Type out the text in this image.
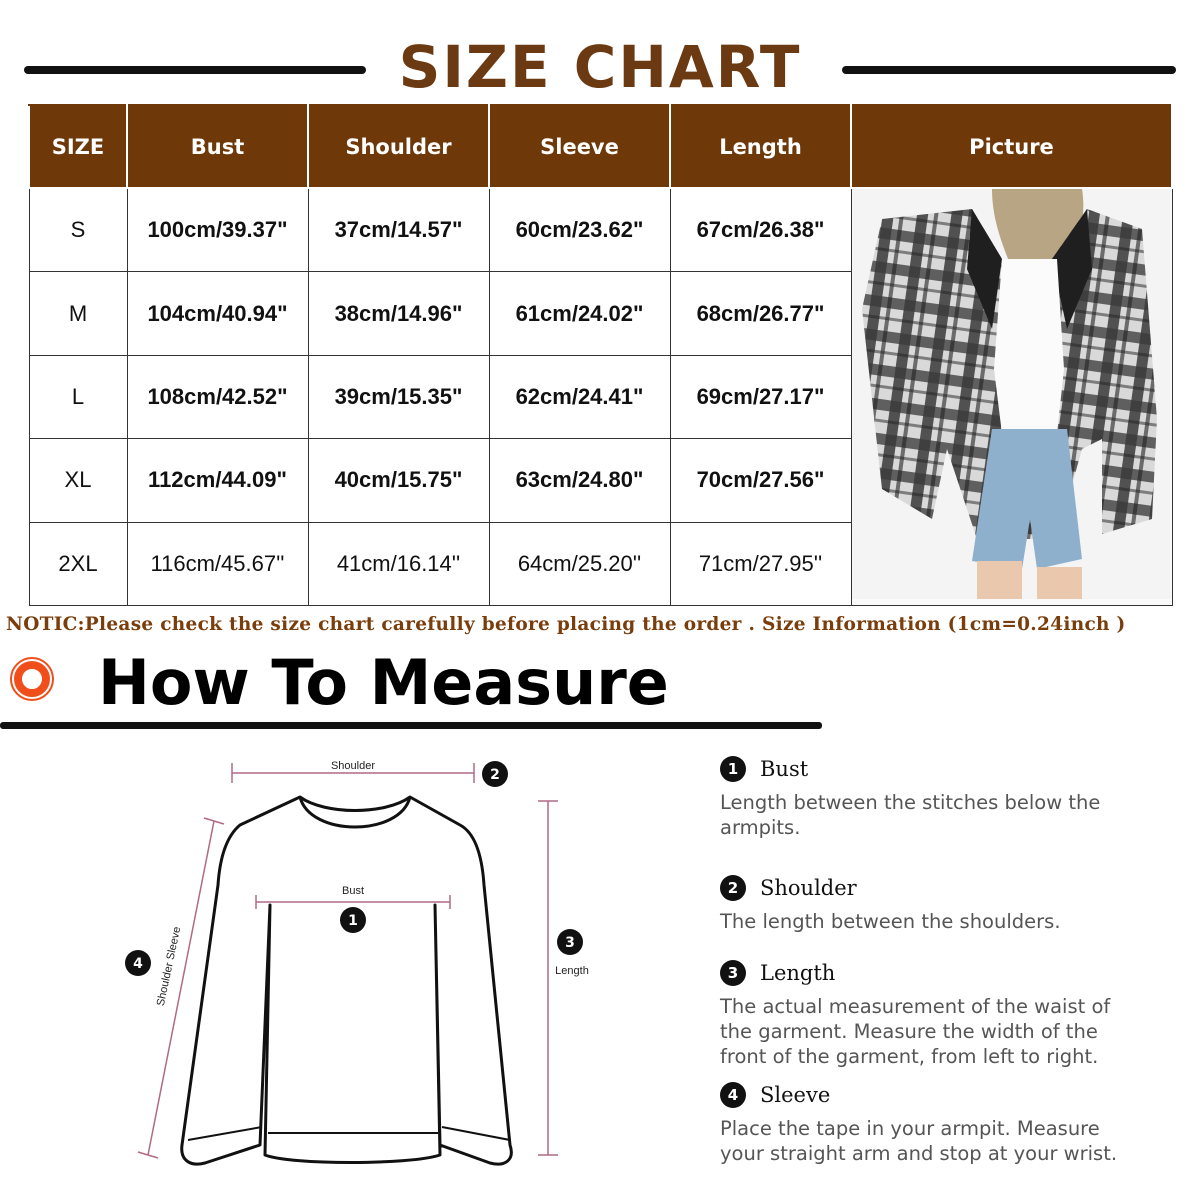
SIZE CHART
SIZE	Bust	Shoulder	Sleeve	Length	Picture
S	100cm/39.37"	37cm/14.57"	60cm/23.62"	67cm/26.38"	
M	104cm/40.94"	38cm/14.96"	61cm/24.02"	68cm/26.77"	
L	108cm/42.52"	39cm/15.35"	62cm/24.41"	69cm/27.17"	
XL	112cm/44.09"	40cm/15.75"	63cm/24.80"	70cm/27.56"	
2XL	116cm/45.67''	41cm/16.14''	64cm/25.20''	71cm/27.95''	
NOTIC:Please check the size chart carefully before placing the order . Size Information (1cm=0.24inch )
How To Measure
Shoulder
2
Bust
1
3
Length
Shoulder Sleeve
4
1	Bust
Length between the stitches below the armpits.
2	Shoulder
The length between the shoulders.
3	Length
The actual measurement of the waist of the garment. Measure the width of the front of the garment, from left to right.
4	Sleeve
Place the tape in your armpit. Measure your straight arm and stop at your wrist.
